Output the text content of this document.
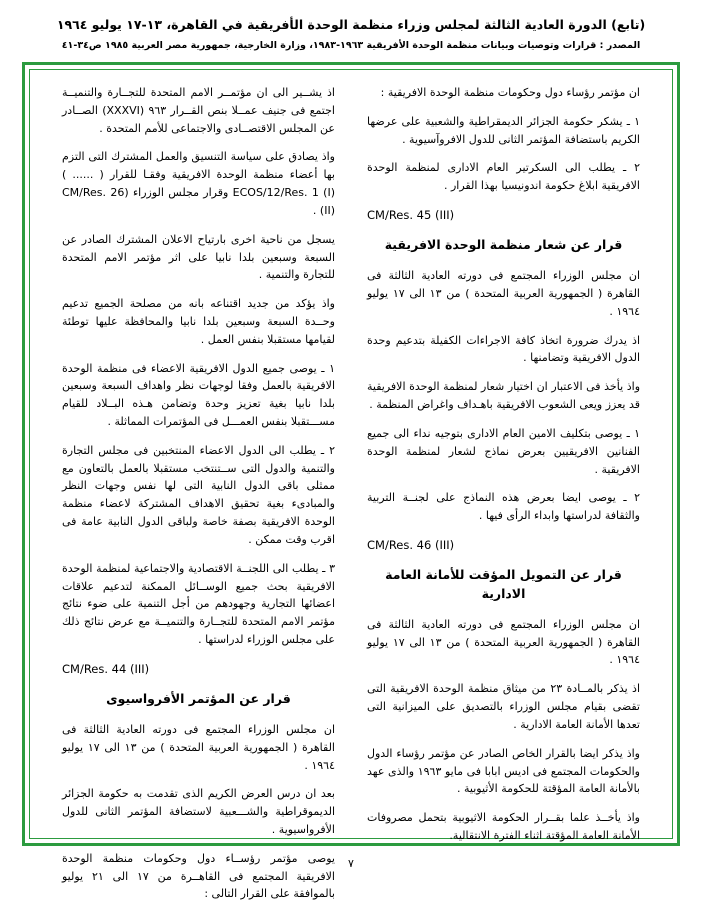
(تابع) الدورة العادية الثالثة لمجلس وزراء منظمة الوحدة الأفريقية في القاهرة، ١٣-١٧ يوليو ١٩٦٤
المصدر : قرارات وتوصيات وبيانات منظمة الوحدة الأفريقية ١٩٦٣-١٩٨٣، وزارة الخارجية، جمهورية مصر العربية ١٩٨٥ ص٣٤-٤١

ان مؤتمر رؤساء دول وحكومات منظمة الوحدة الافريقية :

١ ـ يشكر حكومة الجزائر الديمقراطية والشعبية على عرضها الكريم باستضافة المؤتمر الثانى للدول الافروآسيوية .

٢ ـ يطلب الى السكرتير العام الادارى لمنظمة الوحدة الافريقية ابلاغ حكومة اندونيسيا بهذا القرار .

CM/Res. 45 (III)

قرار عن شعار منظمة الوحدة الافريقية

ان مجلس الوزراء المجتمع فى دورته العادية الثالثة فى القاهرة ( الجمهورية العربية المتحدة ) من ١٣ الى ١٧ يوليو ١٩٦٤ .

اذ يدرك ضرورة اتخاذ كافة الاجراءات الكفيلة بتدعيم وحدة الدول الافريقية وتضامنها .

واذ يأخذ فى الاعتبار ان اختيار شعار لمنظمة الوحدة الافريقية قد يعزز ويعى الشعوب الافريقية باهـداف واغراض المنظمة .

١ ـ يوصى بتكليف الامين العام الادارى بتوجيه نداء الى جميع الفنانين الافريقيين بعرض نماذج لشعار لمنظمة الوحدة الافريقية .

٢ ـ يوصى ايضا بعرض هذه النماذج على لجنــة التربية والثقافة لدراستها وابداء الرأى فيها .

CM/Res. 46 (III)

قرار عن التمويل المؤقت للأمانة العامة الادارية

ان مجلس الوزراء المجتمع فى دورته العادية الثالثة فى القاهرة ( الجمهورية العربية المتحدة ) من ١٣ الى ١٧ يوليو ١٩٦٤ .

اذ يذكر بالمــادة ٢٣ من ميثاق منظمة الوحدة الافريقية التى تقضى بقيام مجلس الوزراء بالتصديق على الميزانية التى تعدها الأمانة العامة الادارية .

واذ يذكر ايضا بالقرار الخاص الصادر عن مؤتمر رؤساء الدول والحكومات المجتمع فى اديس ابابا فى مايو ١٩٦٣ والذى عهد بالأمانة العامة المؤقتة للحكومة الأثيوبية .

واذ يأخــذ علما بقــرار الحكومة الاثيوبية بتحمل مصروفات الأمانة العامة المؤقتة اثناء الفترة الانتقالية.

اذ يشــير الى ان مؤتمــر الامم المتحدة للتجــارة والتنميــة اجتمع فى جنيف عمــلا بنص القــرار ٩٦٣ (XXXVI) الصــادر عن المجلس الاقتصــادى والاجتماعى للأمم المتحدة .

واذ يصادق على سياسة التنسيق والعمل المشترك التى التزم بها أعضاء منظمة الوحدة الافريقية وفقـا للقرار ( ...... ) ECOS/12/Res. 1 (I) وقرار مجلس الوزراء (CM/Res. 26 (II) .

يسجل من ناحية اخرى بارتياح الاعلان المشترك الصادر عن السبعة وسبعين بلدا نابيا على اثر مؤتمر الامم المتحدة للتجارة والتنمية .

واذ يؤكد من جديد اقتناعه بانه من مصلحة الجميع تدعيم وحــدة السبعة وسبعين بلدا نابيا والمحافظة عليها توطئة لقيامها مستقبلا بنفس العمل .

١ ـ يوصى جميع الدول الافريقية الاعضاء فى منظمة الوحدة الافريقية بالعمل وفقا لوجهات نظر واهداف السبعة وسبعين بلدا نابيا بغية تعزيز وحدة وتضامن هـذه البــلاد للقيام مســـتقبلا بنفس العمـــل فى المؤتمرات المماثلة .

٢ ـ يطلب الى الدول الاعضاء المنتخبين فى مجلس التجارة والتنمية والدول التى ســتنتخب مستقبلا بالعمل بالتعاون مع ممثلى باقى الدول النابية التى لها نفس وجهات النظر والمبادىء بغية تحقيق الاهداف المشتركة لاعضاء منظمة الوحدة الافريقية بصفة خاصة ولباقى الدول النابية عامة فى اقرب وقت ممكن .

٣ ـ يطلب الى اللجنــة الاقتصادية والاجتماعية لمنظمة الوحدة الافريقية بحث جميع الوســائل الممكنة لتدعيم علاقات اعضائها التجارية وجهودهم من أجل التنمية على ضوء نتائج مؤتمر الامم المتحدة للتجــارة والتنميــة مع عرض نتائج ذلك على مجلس الوزراء لدراستها .

CM/Res. 44 (III)

قرار عن المؤتمر الأفرواسيوى

ان مجلس الوزراء المجتمع فى دورته العادية الثالثة فى القاهرة ( الجمهورية العربية المتحدة ) من ١٣ الى ١٧ يوليو ١٩٦٤ .

بعد ان درس العرض الكريم الذى تقدمت به حكومة الجزائر الديموقراطية والشـــعبية لاستضافة المؤتمر الثانى للدول الأفرواسيوية .

يوصى مؤتمر رؤســاء دول وحكومات منظمة الوحدة الافريقية المجتمع فى القاهــرة من ١٧ الى ٢١ يوليو بالموافقة على القرار التالى :

٧
